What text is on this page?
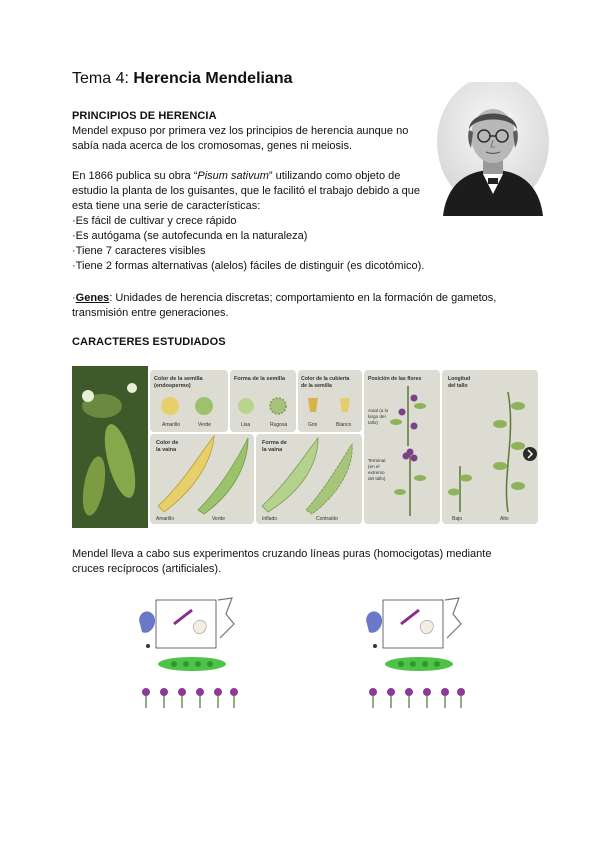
Tema 4: Herencia Mendeliana
PRINCIPIOS DE HERENCIA
Mendel expuso por primera vez los principios de herencia aunque no
sabía nada acerca de los cromosomas, genes ni meiosis.
En 1866 publica su obra “Pisum sativum” utilizando como objeto de
estudio la planta de los guisantes, que le facilitó el trabajo debido a que
esta tiene una serie de características:
·Es fácil de cultivar y crece rápido
·Es autógama (se autofecunda en la naturaleza)
·Tiene 7 caracteres visibles
·Tiene 2 formas alternativas (alelos) fáciles de distinguir (es dicotómico).
·Genes: Unidades de herencia discretas; comportamiento en la formación de gametos,
transmisión entre generaciones.
CARACTERES ESTUDIADOS
Color de la semilla
(endospermo)
Amarillo	Verde
Forma de la semilla
Lisa	Rugosa
Color de la cubierta
de la semilla
Gris	Blanco
Color de
la vaina
Amarillo	Verde
Forma de
la vaina
Inflado	Contraído
Posición de las flores
Axial (a lo
largo del
tallo)
Terminal
(en el
extremo
del tallo)
Longitud
del tallo
Bajo	Alto
Mendel lleva a cabo sus experimentos cruzando líneas puras (homocigotas) mediante
cruces recíprocos (artificiales).
